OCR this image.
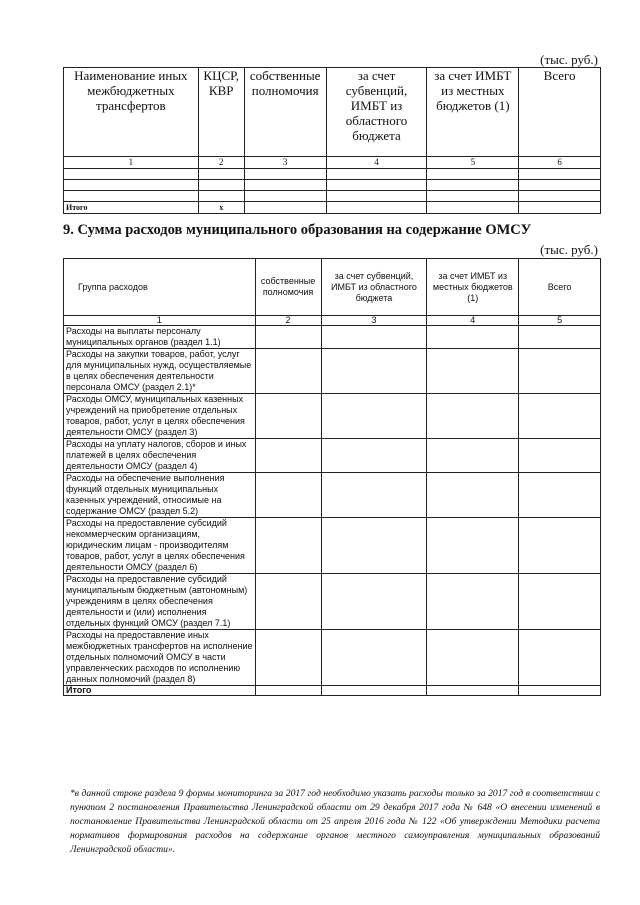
(тыс. руб.)
Наименование иных межбюджетных трансфертов	КЦСР, КВР	собственные полномочия	за счет субвенций, ИМБТ из областного бюджета	за счет ИМБТ из местных бюджетов (1)	Всего
1	2	3	4	5	6

Итого	х				
9. Сумма расходов муниципального образования на содержание ОМСУ
(тыс. руб.)
Группа расходов	собственные полномочия	за счет субвенций, ИМБТ из областного бюджета	за счет ИМБТ из местных бюджетов (1)	Всего
1	2	3	4	5
Расходы на выплаты персоналу муниципальных органов (раздел 1.1)				
Расходы на закупки товаров, работ, услуг для муниципальных нужд, осуществляемые в целях обеспечения деятельности персонала ОМСУ (раздел 2.1)*				
Расходы ОМСУ, муниципальных казенных учреждений на приобретение отдельных товаров, работ, услуг в целях обеспечения деятельности ОМСУ (раздел 3)				
Расходы на уплату налогов, сборов и иных платежей в целях обеспечения деятельности ОМСУ (раздел 4)				
Расходы на обеспечение выполнения функций отдельных муниципальных казенных учреждений, относимые на содержание ОМСУ (раздел 5.2)				
Расходы на предоставление субсидий некоммерческим организациям, юридическим лицам - производителям товаров, работ, услуг в целях обеспечения деятельности ОМСУ (раздел 6)				
Расходы на предоставление субсидий муниципальным бюджетным (автономным) учреждениям в целях обеспечения деятельности и (или) исполнения отдельных функций ОМСУ (раздел 7.1)				
Расходы на предоставление иных межбюджетных трансфертов на исполнение отдельных полномочий ОМСУ в части управленческих расходов по исполнению данных полномочий (раздел 8)				
Итого				
*в данной строке раздела 9 формы мониторинга за 2017 год необходимо указать расходы только за 2017 год в соответствии с пунктом 2 постановления Правительства Ленинградской области от 29 декабря 2017 года № 648 «О внесении изменений в постановление Правительства Ленинградской области от 25 апреля 2016 года № 122 «Об утверждении Методики расчета нормативов формирования расходов на содержание органов местного самоуправления муниципальных образований Ленинградской области».
